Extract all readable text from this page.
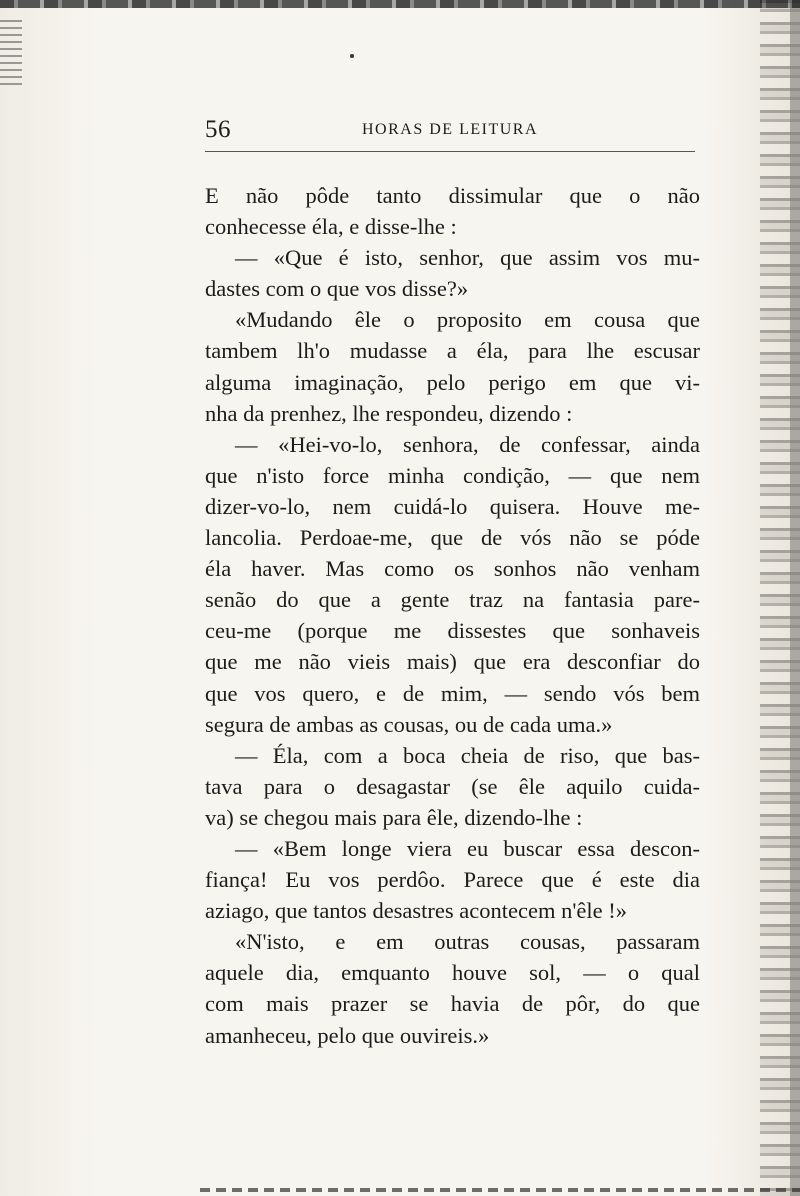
56	HORAS DE LEITURA
E não pôde tanto dissimular que o não
conhecesse éla, e disse-lhe :
— «Que é isto, senhor, que assim vos mu-
dastes com o que vos disse?»
«Mudando êle o proposito em cousa que
tambem lh'o mudasse a éla, para lhe escusar
alguma imaginação, pelo perigo em que vi-
nha da prenhez, lhe respondeu, dizendo :
— «Hei-vo-lo, senhora, de confessar, ainda
que n'isto force minha condição, — que nem
dizer-vo-lo, nem cuidá-lo quisera. Houve me-
lancolia. Perdoae-me, que de vós não se póde
éla haver. Mas como os sonhos não venham
senão do que a gente traz na fantasia pare-
ceu-me (porque me dissestes que sonhaveis
que me não vieis mais) que era desconfiar do
que vos quero, e de mim, — sendo vós bem
segura de ambas as cousas, ou de cada uma.»
— Éla, com a boca cheia de riso, que bas-
tava para o desagastar (se êle aquilo cuida-
va) se chegou mais para êle, dizendo-lhe :
— «Bem longe viera eu buscar essa descon-
fiança! Eu vos perdôo. Parece que é este dia
aziago, que tantos desastres acontecem n'êle !»
«N'isto, e em outras cousas, passaram
aquele dia, emquanto houve sol, — o qual
com mais prazer se havia de pôr, do que
amanheceu, pelo que ouvireis.»
